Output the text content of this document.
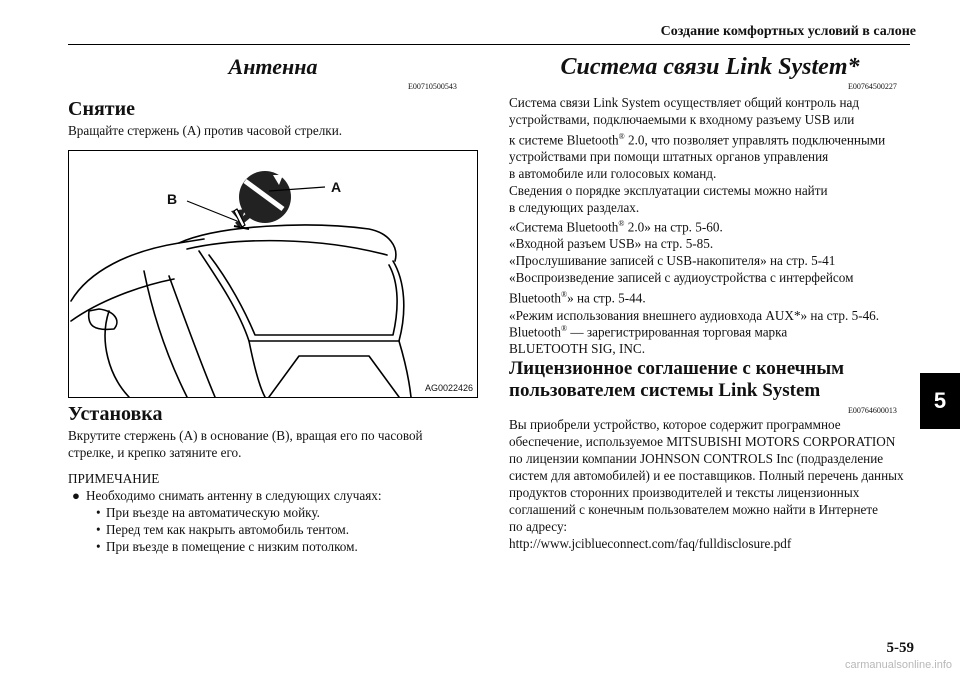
Создание комфортных условий в салоне
Антенна
E00710500543
Снятие
Вращайте стержень (A) против часовой стрелки.
B
A
AG0022426
Установка
Вкрутите стержень (A) в основание (B), вращая его по часовой
стрелке, и крепко затяните его.
ПРИМЕЧАНИЕ
● Необходимо снимать антенну в следующих случаях:
• При въезде на автоматическую мойку.
• Перед тем как накрыть автомобиль тентом.
• При въезде в помещение с низким потолком.
Система связи Link System*
E00764500227
Система связи Link System осуществляет общий контроль над
устройствами, подключаемыми к входному разъему USB или
к системе Bluetooth® 2.0, что позволяет управлять подключенными
устройствами при помощи штатных органов управления
в автомобиле или голосовых команд.
Сведения о порядке эксплуатации системы можно найти
в следующих разделах.
«Система Bluetooth® 2.0» на стр. 5-60.
«Входной разъем USB» на стр. 5-85.
«Прослушивание записей с USB-накопителя» на стр. 5-41
«Воспроизведение записей с аудиоустройства с интерфейсом
Bluetooth®» на стр. 5-44.
«Режим использования внешнего аудиовхода AUX*» на стр. 5-46.
Bluetooth® — зарегистрированная торговая марка
BLUETOOTH SIG, INC.
Лицензионное соглашение с конечным
пользователем системы Link System
E00764600013
Вы приобрели устройство, которое содержит программное
обеспечение, используемое MITSUBISHI MOTORS CORPORATION
по лицензии компании JOHNSON CONTROLS Inc (подразделение
систем для автомобилей) и ее поставщиков. Полный перечень данных
продуктов сторонних производителей и тексты лицензионных
соглашений с конечным пользователем можно найти в Интернете
по адресу:
http://www.jciblueconnect.com/faq/fulldisclosure.pdf
5
5-59
carmanualsonline.info
